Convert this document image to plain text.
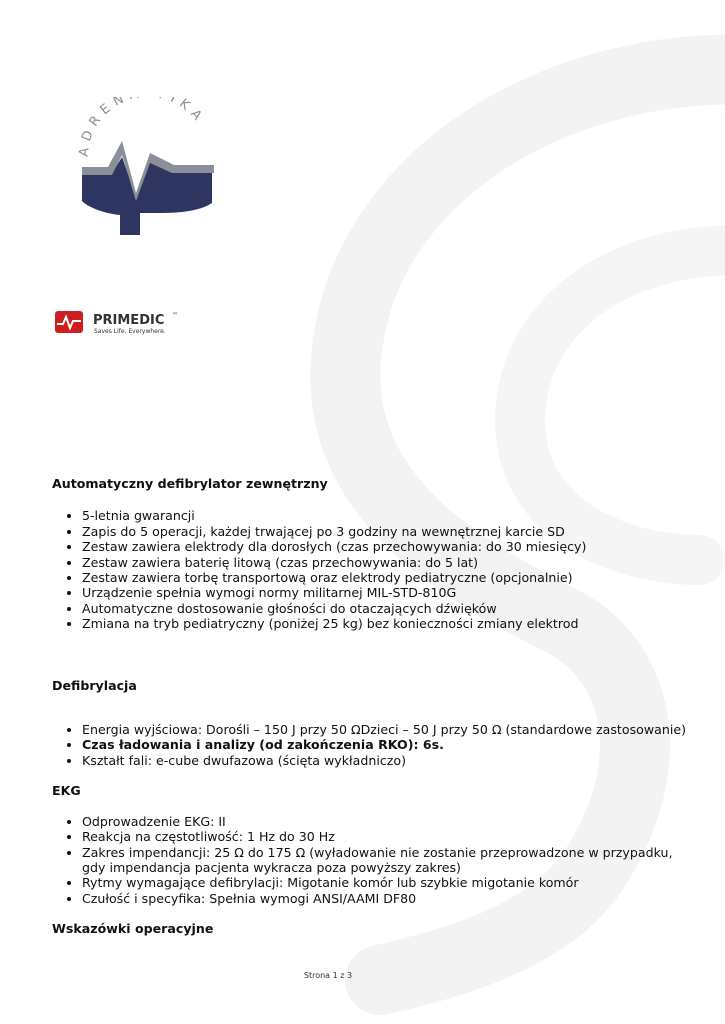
ADREN IKA
PRIMEDIC ™
Saves Life. Everywhere.
Automatyczny defibrylator zewnętrzny
• 5-letnia gwarancji
• Zapis do 5 operacji, każdej trwającej po 3 godziny na wewnętrznej karcie SD
• Zestaw zawiera elektrody dla dorosłych (czas przechowywania: do 30 miesięcy)
• Zestaw zawiera baterię litową (czas przechowywania: do 5 lat)
• Zestaw zawiera torbę transportową oraz elektrody pediatryczne (opcjonalnie)
• Urządzenie spełnia wymogi normy militarnej MIL-STD-810G
• Automatyczne dostosowanie głośności do otaczających dźwięków
• Zmiana na tryb pediatryczny (poniżej 25 kg) bez konieczności zmiany elektrod
Defibrylacja
• Energia wyjściowa: Dorośli – 150 J przy 50 ΩDzieci – 50 J przy 50 Ω (standardowe zastosowanie)
• Czas ładowania i analizy (od zakończenia RKO): 6s.
• Kształt fali: e-cube dwufazowa (ścięta wykładniczo)
EKG
• Odprowadzenie EKG: II
• Reakcja na częstotliwość: 1 Hz do 30 Hz
• Zakres impendancji: 25 Ω do 175 Ω (wyładowanie nie zostanie przeprowadzone w przypadku, gdy impendancja pacjenta wykracza poza powyższy zakres)
• Rytmy wymagające defibrylacji: Migotanie komór lub szybkie migotanie komór
• Czułość i specyfika: Spełnia wymogi ANSI/AAMI DF80
Wskazówki operacyjne
Strona 1 z 3
